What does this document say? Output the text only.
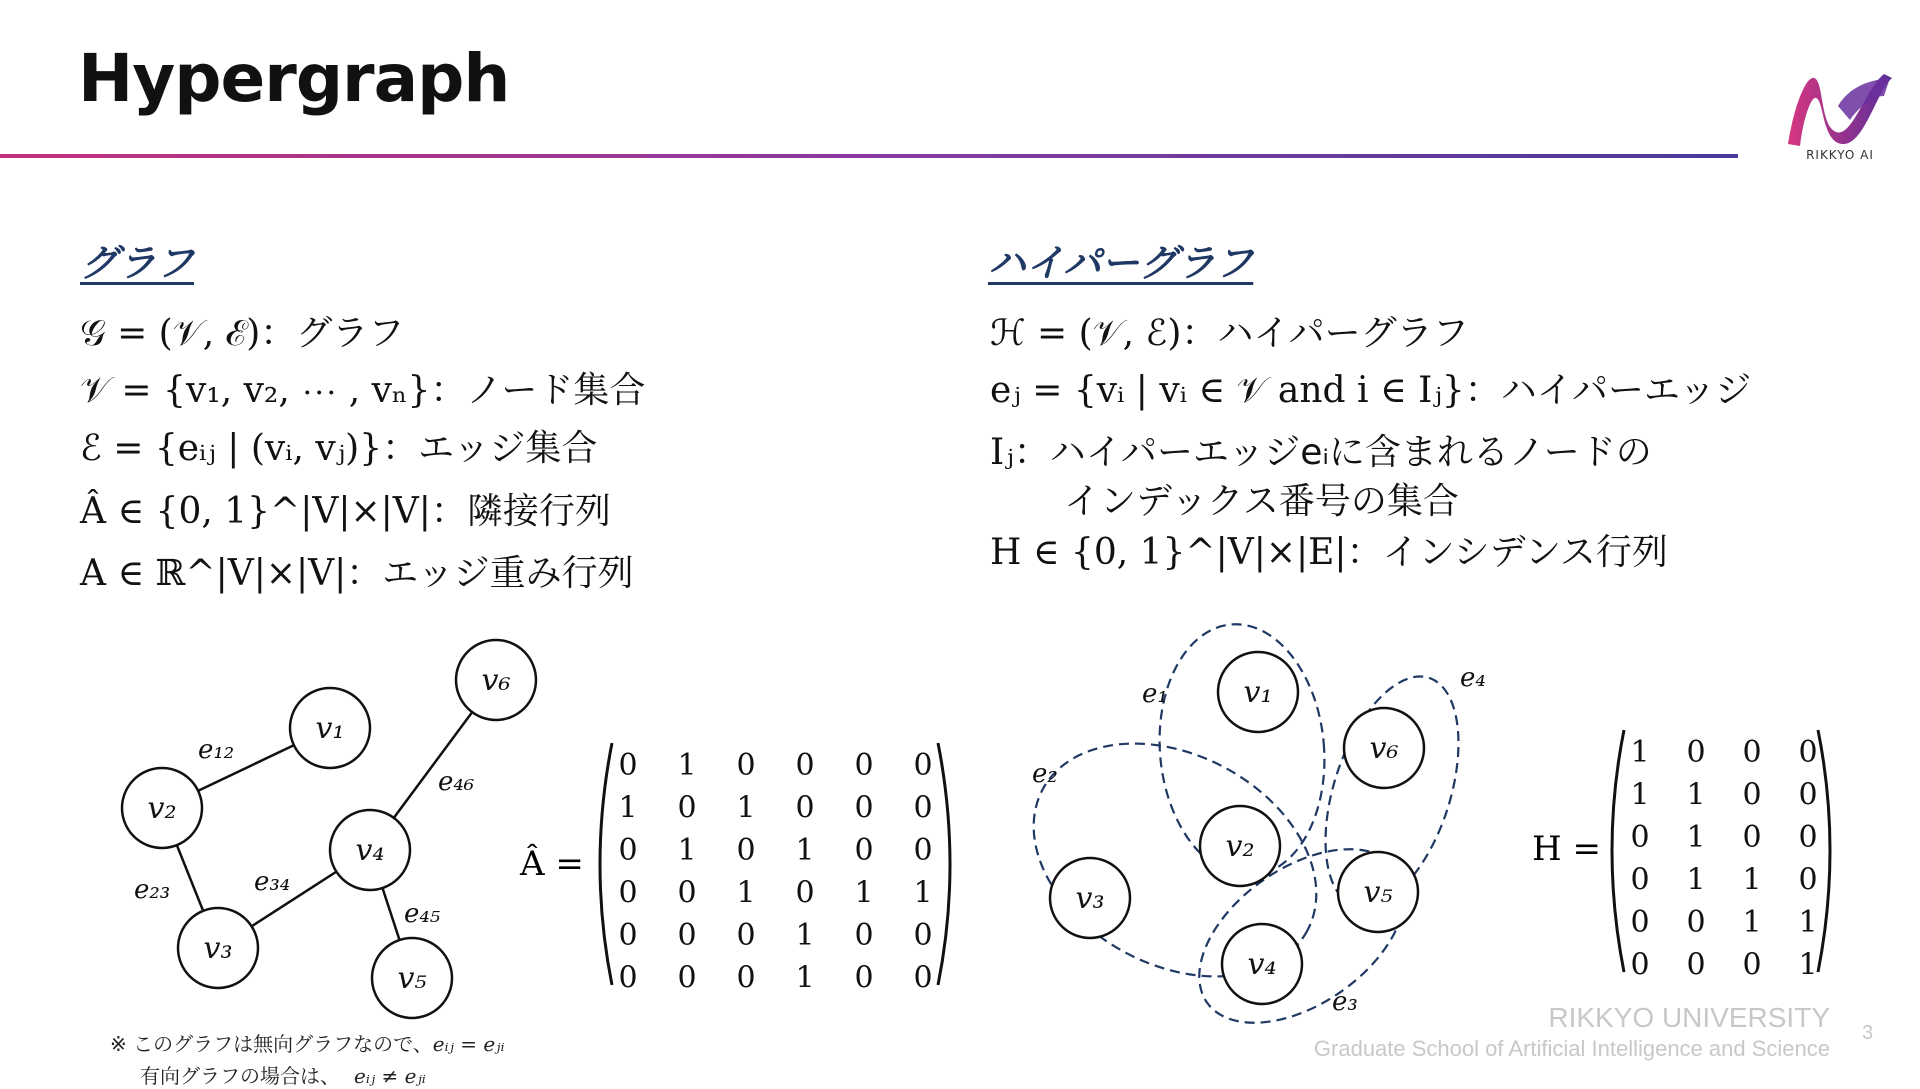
Hypergraph
RIKKYO AI
グラフ
𝒢 = (𝒱, ℰ)：グラフ
𝒱 = {v₁, v₂, ⋯ , vₙ}：ノード集合
ℰ = {eᵢⱼ | (vᵢ, vⱼ)}：エッジ集合
Â ∈ {0, 1}^|V|×|V|：隣接行列
A ∈ ℝ^|V|×|V|：エッジ重み行列
ハイパーグラフ
ℋ = (𝒱, ℰ)：ハイパーグラフ
eⱼ = {vᵢ | vᵢ ∈ 𝒱 and i ∈ Iⱼ}：ハイパーエッジ
Iⱼ：ハイパーエッジeᵢに含まれるノードの
インデックス番号の集合
H ∈ {0, 1}^|V|×|E|：インシデンス行列
v₁
v₂
v₃
v₄
v₅
v₆
e₁₂
e₂₃	e₃₄
e₄₅
e₄₆
Â =
0 1 0 0 0 0
1 0 1 0 0 0
0 1 0 1 0 0
0 0 1 0 1 1
0 0 0 1 0 0
0 0 0 1 0 0
v₁
v₂
v₃
v₄
v₅
v₆
e₁
e₂
e₃
e₄
H =
1 0 0 0
1 1 0 0
0 1 0 0
0 1 1 0
0 0 1 1
0 0 0 1
※ このグラフは無向グラフなので、eᵢⱼ = eⱼᵢ
有向グラフの場合は、 eᵢⱼ ≠ eⱼᵢ
RIKKYO UNIVERSITY
Graduate School of Artificial Intelligence and Science
3
